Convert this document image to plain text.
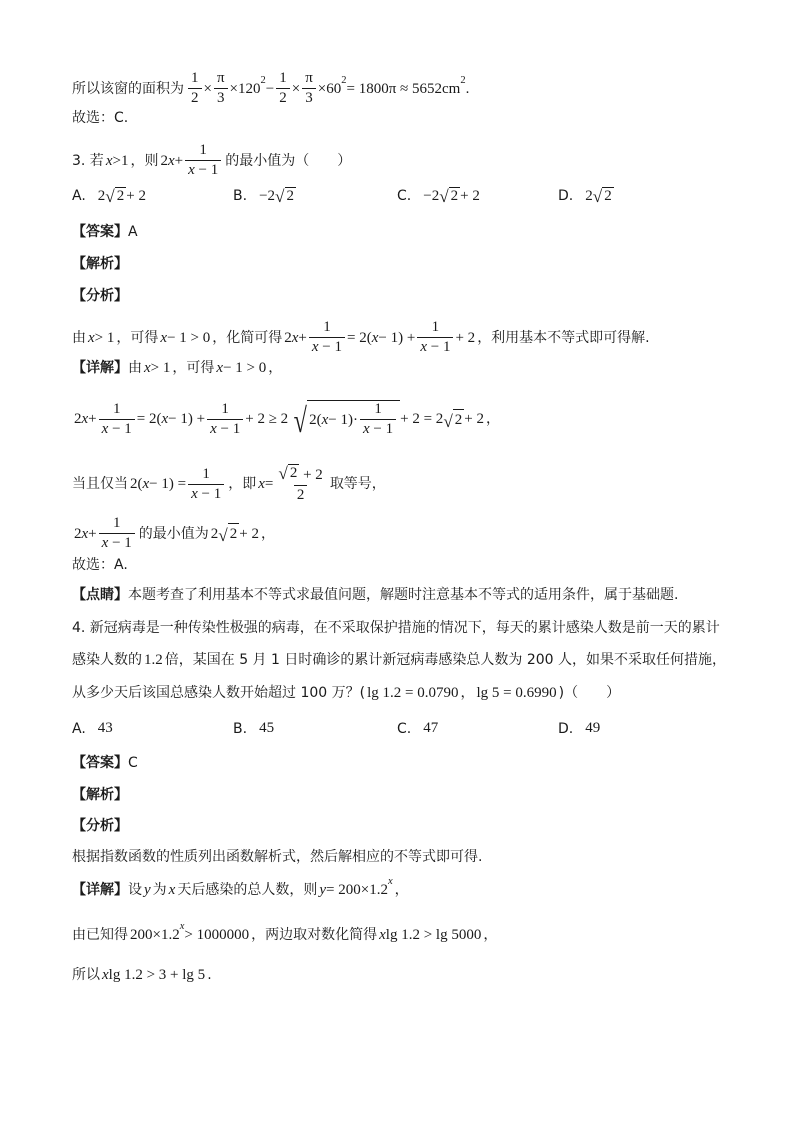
所以该窗的面积为 $\frac{1}{2} \times \frac{\pi}{3} \times 120^2$
− $\frac{1}{2} \times \frac{\pi}{3} \times 60^2$
= 1800π ≈ 5652 $cm^2$
.
故选：C.
3. 若 x >1 ，则 2 $x + \frac{1}{x - 1}$ 的最小值为（　　）
A. 2 √ 2 + 2	B. −2 √ 2	C. −2 √ 2 + 2	D. 2 √ 2
【答案】 A
【解析】
【分析】
由 x > 1 ，可得 x − 1 > 0 ，化简可得 2 $x + \frac{1}{x - 1} = 2$( $x - 1) + \frac{1}{x - 1} + 2$ ，利用基本不等式即可得解.
【详解】 由 x > 1 ，可得 x − 1 > 0 ，
2 $x + \frac{1}{x - 1} = 2$( $x - 1) + \frac{1}{x - 1} + 2 \ge 2$ √ 2( $x - 1)\cdot \frac{1}{x - 1} + 2 = 2$ √ 2 + 2 ，
当且仅当 2( $x - 1) = \frac{1}{x - 1}$ ，即 $x = \frac{√ 2 + 2}{2}$ 取等号，
2 $x + \frac{1}{x - 1}$ 的最小值为 2 √ 2 + 2 ，
故选：A.
【点睛】 本题考查了利用基本不等式求最值问题，解题时注意基本不等式的适用条件，属于基础题.
4. 新冠病毒是一种传染性极强的病毒，在不采取保护措施的情况下，每天的累计感染人数是前一天的累计
感染人数的 1.2 倍，某国在 5 月 1 日时确诊的累计新冠病毒感染总人数为 200 人，如果不采取任何措施，
从多少天后该国总感染人数开始超过 100 万？( lg 1.2 = 0.0790 ， lg 5 = 0.6990 )（　　）
A. 43	B. 45	C. 47	D. 49
【答案】 C
【解析】
【分析】
根据指数函数的性质列出函数解析式，然后解相应的不等式即可得.
【详解】 设 y 为 x 天后感染的总人数，则 $y = 200\times 1.2^x$
，
由已知得 $200\times 1.2^x$
> 1000000 ，两边取对数化简得 x lg 1.2 > lg 5000 ，
所以 x lg 1.2 > 3 + lg 5 .
